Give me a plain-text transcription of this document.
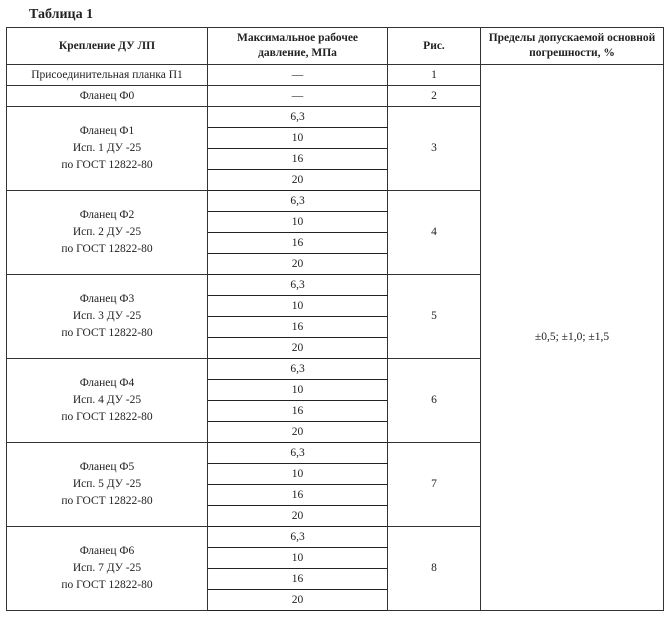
Таблица 1
Крепление ДУ ЛП	Максимальное рабочее давление, МПа	Рис.	Пределы допускаемой основной погрешности, %
Присоединительная планка П1	—	1	±0,5; ±1,0; ±1,5
Фланец Ф0	—	2	

Фланец Ф1
Исп. 1 ДУ -25
по ГОСТ 12822-80	6,3	3	
	10		
	16		
	20		

Фланец Ф2
Исп. 2 ДУ -25
по ГОСТ 12822-80	6,3	4	
	10		
	16		
	20		

Фланец Ф3
Исп. 3 ДУ -25
по ГОСТ 12822-80	6,3	5	
	10		
	16		
	20		

Фланец Ф4
Исп. 4 ДУ -25
по ГОСТ 12822-80	6,3	6	
	10		
	16		
	20		

Фланец Ф5
Исп. 5 ДУ -25
по ГОСТ 12822-80	6,3	7	
	10		
	16		
	20		

Фланец Ф6
Исп. 7 ДУ -25
по ГОСТ 12822-80	6,3	8	
	10		
	16		
	20		
